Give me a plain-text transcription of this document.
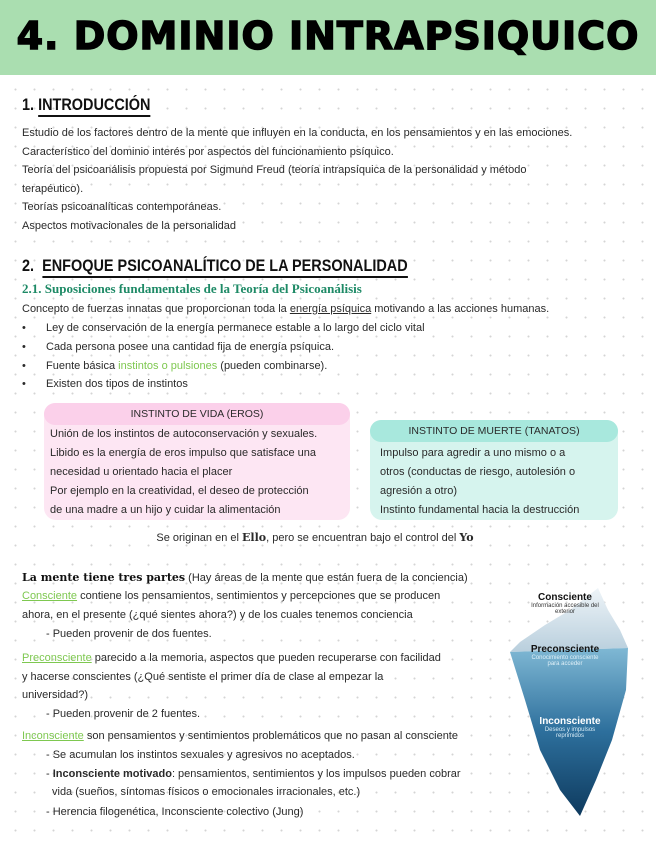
4. DOMINIO INTRAPSIQUICO
1. INTRODUCCIÓN
Estudio de los factores dentro de la mente que influyen en la conducta, en los pensamientos y en las emociones.
Característico del dominio interés por aspectos del funcionamiento psíquico.
Teoría del psicoanálisis propuesta por Sigmund Freud (teoría intrapsíquica de la personalidad y método
terapéutico).
Teorías psicoanalíticas contemporáneas.
Aspectos motivacionales de la personalidad
2. ENFOQUE PSICOANALÍTICO DE LA PERSONALIDAD
2.1. Suposiciones fundamentales de la Teoría del Psicoanálisis
Concepto de fuerzas innatas que proporcionan toda la energía psíquica motivando a las acciones humanas.
• Ley de conservación de la energía permanece estable a lo largo del ciclo vital
• Cada persona posee una cantidad fija de energía psíquica.
• Fuente básica instintos o pulsiones (pueden combinarse).
• Existen dos tipos de instintos
INSTINTO DE VIDA (EROS)
Unión de los instintos de autoconservación y sexuales.
Libido es la energía de eros impulso que satisface una
necesidad u orientado hacia el placer
Por ejemplo en la creatividad, el deseo de protección
de una madre a un hijo y cuidar la alimentación
INSTINTO DE MUERTE (TANATOS)
Impulso para agredir a uno mismo o a
otros (conductas de riesgo, autolesión o
agresión a otro)
Instinto fundamental hacia la destrucción
Se originan en el Ello, pero se encuentran bajo el control del Yo
La mente tiene tres partes (Hay áreas de la mente que están fuera de la conciencia)
Consciente contiene los pensamientos, sentimientos y percepciones que se producen
ahora, en el presente (¿qué sientes ahora?) y de los cuales tenemos conciencia
- Pueden provenir de dos fuentes.
Preconsciente parecido a la memoria, aspectos que pueden recuperarse con facilidad
y hacerse conscientes (¿Qué sentiste el primer día de clase al empezar la
universidad?)
- Pueden provenir de 2 fuentes.
Inconsciente son pensamientos y sentimientos problemáticos que no pasan al consciente
- Se acumulan los instintos sexuales y agresivos no aceptados.
- Inconsciente motivado: pensamientos, sentimientos y los impulsos pueden cobrar
vida (sueños, síntomas físicos o emocionales irracionales, etc.)
- Herencia filogenética, Inconsciente colectivo (Jung)
Consciente
Información accesible del exterior
Preconsciente
Conocimiento consciente para acceder
Inconsciente
Deseos y impulsos reprimidos
